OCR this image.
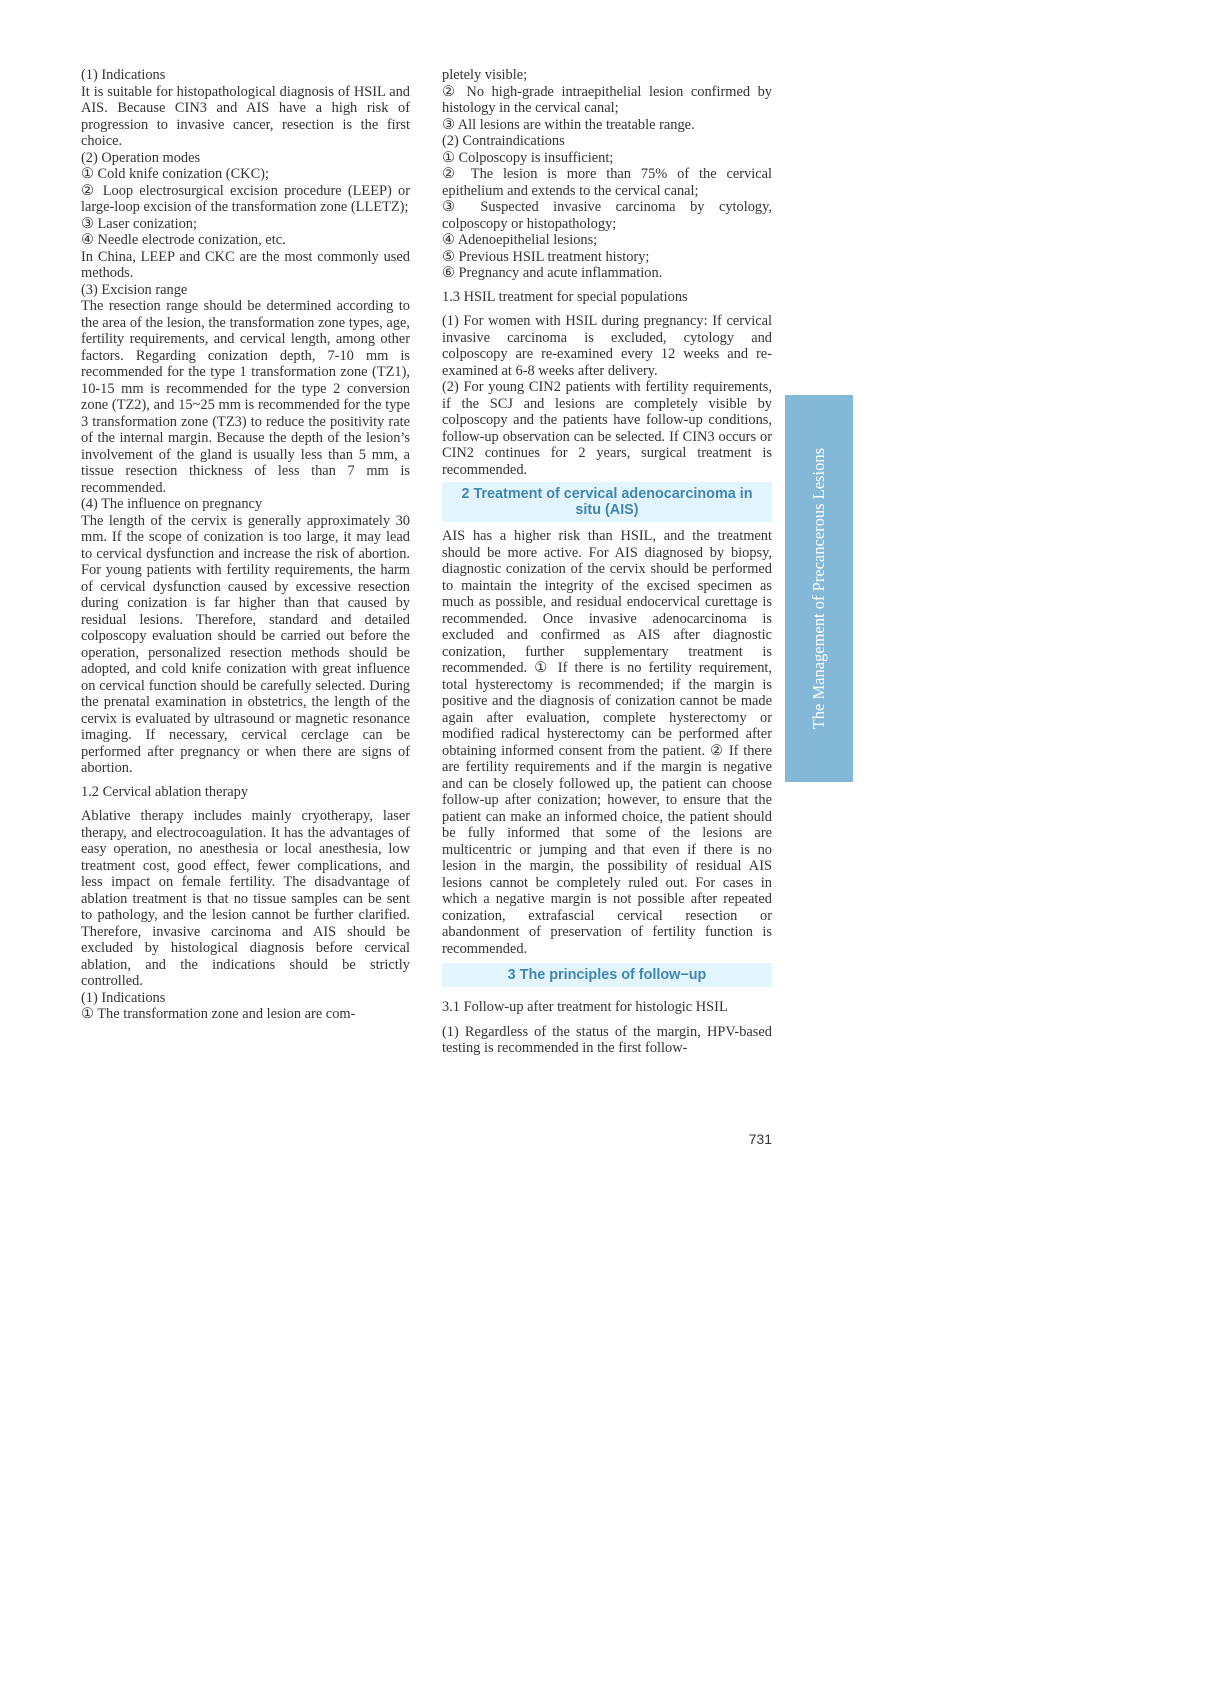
(1) Indications

It is suitable for histopathological diagnosis of HSIL and AIS. Because CIN3 and AIS have a high risk of progression to invasive cancer, resection is the first choice.

(2) Operation modes

① Cold knife conization (CKC);

② Loop electrosurgical excision procedure (LEEP) or large-loop excision of the transformation zone (LLETZ);

③ Laser conization;

④ Needle electrode conization, etc.

In China, LEEP and CKC are the most commonly used methods.

(3) Excision range

The resection range should be determined according to the area of the lesion, the transformation zone types, age, fertility requirements, and cervical length, among other factors. Regarding conization depth, 7-10 mm is recommended for the type 1 transformation zone (TZ1), 10-15 mm is recommended for the type 2 conversion zone (TZ2), and 15~25 mm is recommended for the type 3 transformation zone (TZ3) to reduce the positivity rate of the internal margin. Because the depth of the lesion’s involvement of the gland is usually less than 5 mm, a tissue resection thickness of less than 7 mm is recommended.

(4) The influence on pregnancy

The length of the cervix is generally approximately 30 mm. If the scope of conization is too large, it may lead to cervical dysfunction and increase the risk of abortion. For young patients with fertility requirements, the harm of cervical dysfunction caused by excessive resection during conization is far higher than that caused by residual lesions. Therefore, standard and detailed colposcopy evaluation should be carried out before the operation, personalized resection methods should be adopted, and cold knife conization with great influence on cervical function should be carefully selected. During the prenatal examination in obstetrics, the length of the cervix is evaluated by ultrasound or magnetic resonance imaging. If necessary, cervical cerclage can be performed after pregnancy or when there are signs of abortion.

1.2 Cervical ablation therapy

Ablative therapy includes mainly cryotherapy, laser therapy, and electrocoagulation. It has the advantages of easy operation, no anesthesia or local anesthesia, low treatment cost, good effect, fewer complications, and less impact on female fertility. The disadvantage of ablation treatment is that no tissue samples can be sent to pathology, and the lesion cannot be further clarified. Therefore, invasive carcinoma and AIS should be excluded by histological diagnosis before cervical ablation, and the indications should be strictly controlled.

(1) Indications

① The transformation zone and lesion are com-

pletely visible;

② No high-grade intraepithelial lesion confirmed by histology in the cervical canal;

③ All lesions are within the treatable range.

(2) Contraindications

① Colposcopy is insufficient;

② The lesion is more than 75% of the cervical epithelium and extends to the cervical canal;

③ Suspected invasive carcinoma by cytology, colposcopy or histopathology;

④ Adenoepithelial lesions;

⑤ Previous HSIL treatment history;

⑥ Pregnancy and acute inflammation.

1.3 HSIL treatment for special populations

(1) For women with HSIL during pregnancy: If cervical invasive carcinoma is excluded, cytology and colposcopy are re-examined every 12 weeks and re-examined at 6-8 weeks after delivery.

(2) For young CIN2 patients with fertility requirements, if the SCJ and lesions are completely visible by colposcopy and the patients have follow-up conditions, follow-up observation can be selected. If CIN3 occurs or CIN2 continues for 2 years, surgical treatment is recommended.

2 Treatment of cervical adenocarcinoma in situ (AIS)

AIS has a higher risk than HSIL, and the treatment should be more active. For AIS diagnosed by biopsy, diagnostic conization of the cervix should be performed to maintain the integrity of the excised specimen as much as possible, and residual endocervical curettage is recommended. Once invasive adenocarcinoma is excluded and confirmed as AIS after diagnostic conization, further supplementary treatment is recommended. ① If there is no fertility requirement, total hysterectomy is recommended; if the margin is positive and the diagnosis of conization cannot be made again after evaluation, complete hysterectomy or modified radical hysterectomy can be performed after obtaining informed consent from the patient. ② If there are fertility requirements and if the margin is negative and can be closely followed up, the patient can choose follow-up after conization; however, to ensure that the patient can make an informed choice, the patient should be fully informed that some of the lesions are multicentric or jumping and that even if there is no lesion in the margin, the possibility of residual AIS lesions cannot be completely ruled out. For cases in which a negative margin is not possible after repeated conization, extrafascial cervical resection or abandonment of preservation of fertility function is recommended.

3 The principles of follow−up
3.1 Follow-up after treatment for histologic HSIL

(1) Regardless of the status of the margin, HPV-based testing is recommended in the first follow-

The Management of Precancerous Lesions
731
